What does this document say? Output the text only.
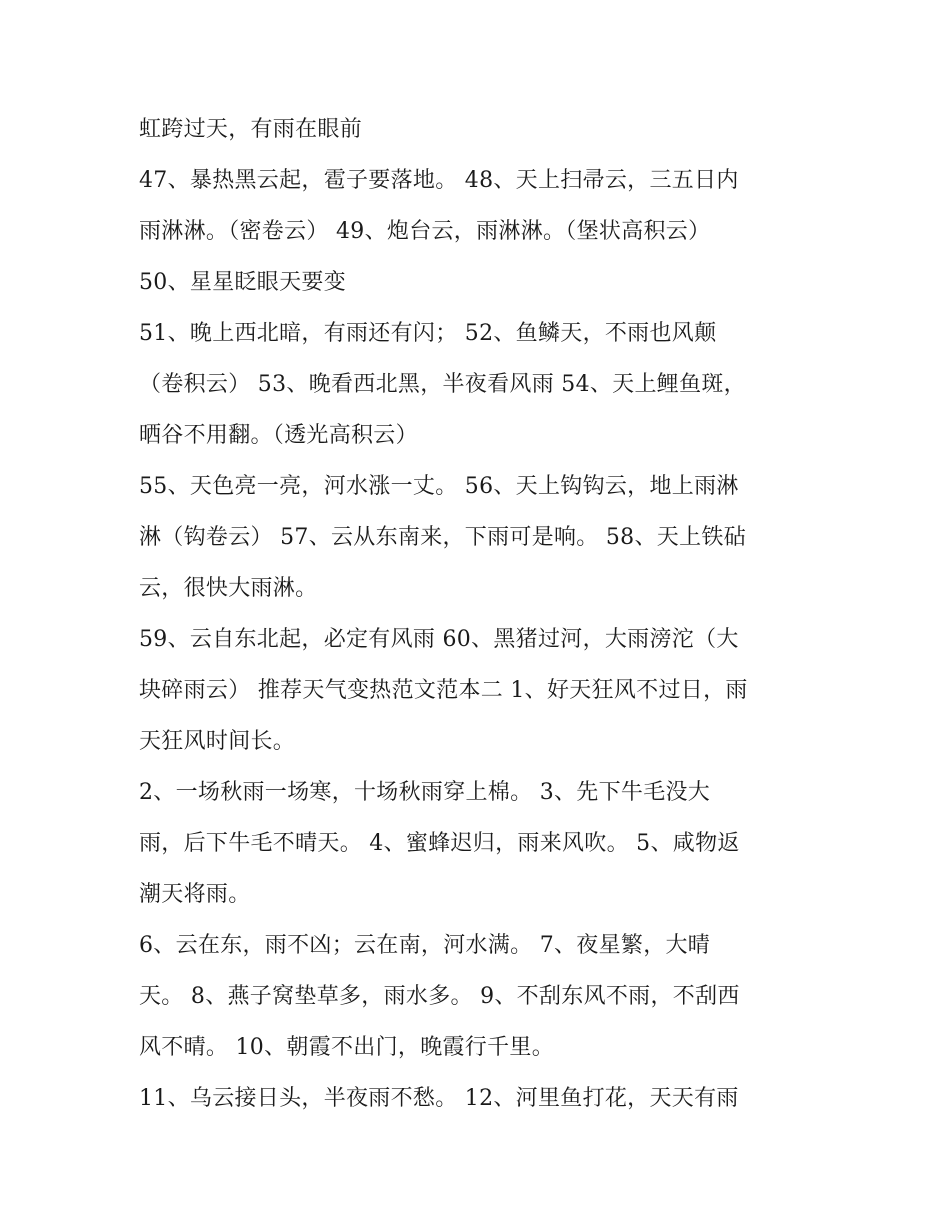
虹跨过天，有雨在眼前
47、暴热黑云起，雹子要落地。 48、天上扫帚云，三五日内
雨淋淋。（密卷云） 49、炮台云，雨淋淋。（堡状高积云）
50、星星眨眼天要变
51、晚上西北暗，有雨还有闪； 52、鱼鳞天，不雨也风颠
（卷积云） 53、晚看西北黑，半夜看风雨 54、天上鲤鱼斑，
晒谷不用翻。（透光高积云）
55、天色亮一亮，河水涨一丈。 56、天上钩钩云，地上雨淋
淋（钩卷云） 57、云从东南来，下雨可是响。 58、天上铁砧
云，很快大雨淋。
59、云自东北起，必定有风雨 60、黑猪过河，大雨滂沱（大
块碎雨云） 推荐天气变热范文范本二 1、好天狂风不过日，雨
天狂风时间长。
2、一场秋雨一场寒，十场秋雨穿上棉。 3、先下牛毛没大
雨，后下牛毛不晴天。 4、蜜蜂迟归，雨来风吹。 5、咸物返
潮天将雨。
6、云在东，雨不凶；云在南，河水满。 7、夜星繁，大晴
天。 8、燕子窝垫草多，雨水多。 9、不刮东风不雨，不刮西
风不晴。 10、朝霞不出门，晚霞行千里。
11、乌云接日头，半夜雨不愁。 12、河里鱼打花，天天有雨
